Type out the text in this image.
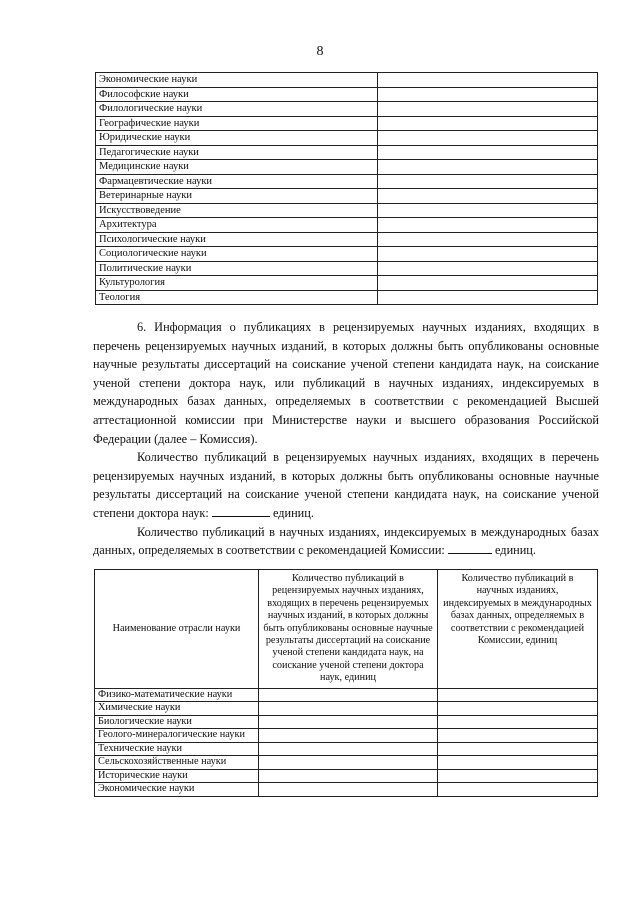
8
Экономические науки	
Философские науки	
Филологические науки	
Географические науки	
Юридические науки	
Педагогические науки	
Медицинские науки	
Фармацевтические науки	
Ветеринарные науки	
Искусствоведение	
Архитектура	
Психологические науки	
Социологические науки	
Политические науки	
Культурология	
Теология	

6. Информация о публикациях в рецензируемых научных изданиях, входящих в перечень рецензируемых научных изданий, в которых должны быть опубликованы основные научные результаты диссертаций на соискание ученой степени кандидата наук, на соискание ученой степени доктора наук, или публикаций в научных изданиях, индексируемых в международных базах данных, определяемых в соответствии с рекомендацией Высшей аттестационной комиссии при Министерстве науки и высшего образования Российской Федерации (далее – Комиссия).

Количество публикаций в рецензируемых научных изданиях, входящих в перечень рецензируемых научных изданий, в которых должны быть опубликованы основные научные результаты диссертаций на соискание ученой степени кандидата наук, на соискание ученой степени доктора наук:	единиц.

Количество публикаций в научных изданиях, индексируемых в международных базах данных, определяемых в соответствии с рекомендацией Комиссии:	единиц.

Наименование отрасли науки	Количество публикаций в рецензируемых научных изданиях, входящих в перечень рецензируемых научных изданий, в которых должны быть опубликованы основные научные результаты диссертаций на соискание ученой степени кандидата наук, на соискание ученой степени доктора наук, единиц	Количество публикаций в научных изданиях, индексируемых в международных базах данных, определяемых в соответствии с рекомендацией Комиссии, единиц
Физико-математические науки		
Химические науки		
Биологические науки		
Геолого-минералогические науки		
Технические науки		
Сельскохозяйственные науки		
Исторические науки		
Экономические науки		
